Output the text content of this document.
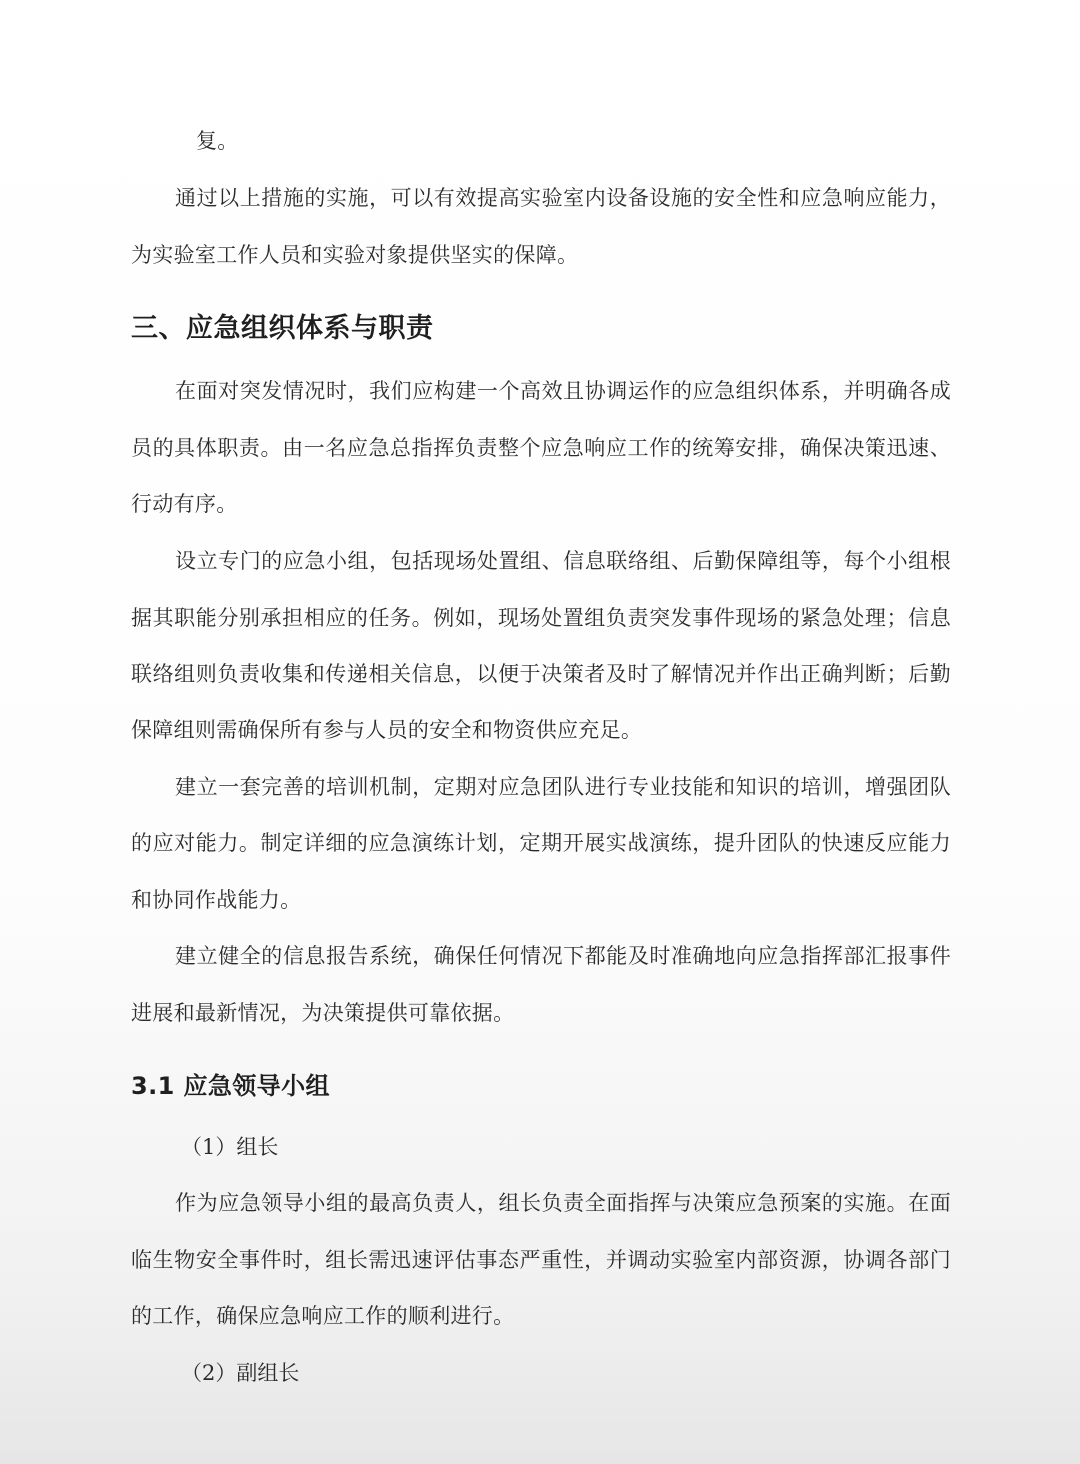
复。
通过以上措施的实施，可以有效提高实验室内设备设施的安全性和应急响应能力，
为实验室工作人员和实验对象提供坚实的保障。
三、应急组织体系与职责
在面对突发情况时，我们应构建一个高效且协调运作的应急组织体系，并明确各成
员的具体职责。由一名应急总指挥负责整个应急响应工作的统筹安排，确保决策迅速、
行动有序。
设立专门的应急小组，包括现场处置组、信息联络组、后勤保障组等，每个小组根
据其职能分别承担相应的任务。例如，现场处置组负责突发事件现场的紧急处理；信息
联络组则负责收集和传递相关信息，以便于决策者及时了解情况并作出正确判断；后勤
保障组则需确保所有参与人员的安全和物资供应充足。
建立一套完善的培训机制，定期对应急团队进行专业技能和知识的培训，增强团队
的应对能力。制定详细的应急演练计划，定期开展实战演练，提升团队的快速反应能力
和协同作战能力。
建立健全的信息报告系统，确保任何情况下都能及时准确地向应急指挥部汇报事件
进展和最新情况，为决策提供可靠依据。
3.1 应急领导小组
（1）组长
作为应急领导小组的最高负责人，组长负责全面指挥与决策应急预案的实施。在面
临生物安全事件时，组长需迅速评估事态严重性，并调动实验室内部资源，协调各部门
的工作，确保应急响应工作的顺利进行。
（2）副组长
